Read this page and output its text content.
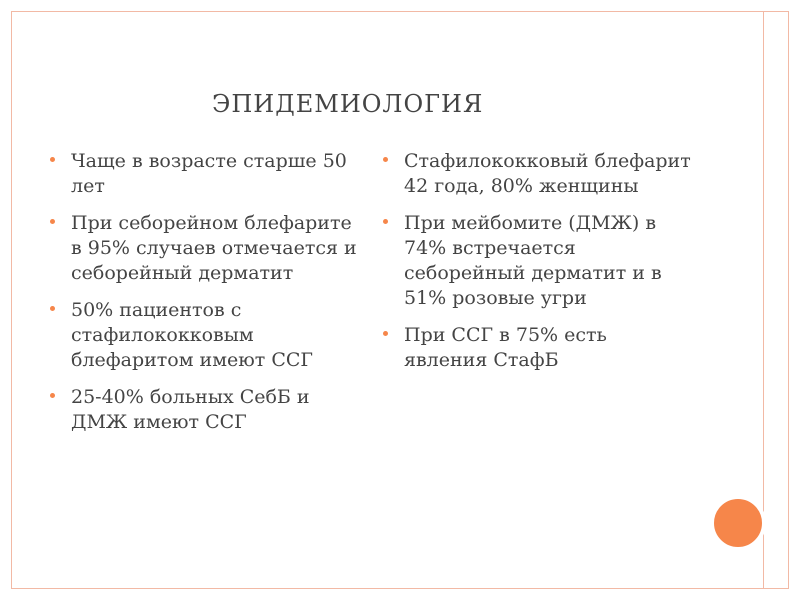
ЭПИДЕМИОЛОГИЯ
Чаще в возрасте старше 50 лет
При себорейном блефарите в 95% случаев отмечается и себорейный дерматит
50% пациентов с стафилококковым блефаритом имеют ССГ
25-40% больных СебБ и ДМЖ имеют ССГ
Стафилококковый блефарит 42 года, 80% женщины
При мейбомите (ДМЖ) в 74% встречается себорейный дерматит и в 51% розовые угри
При ССГ в 75% есть явления СтафБ
